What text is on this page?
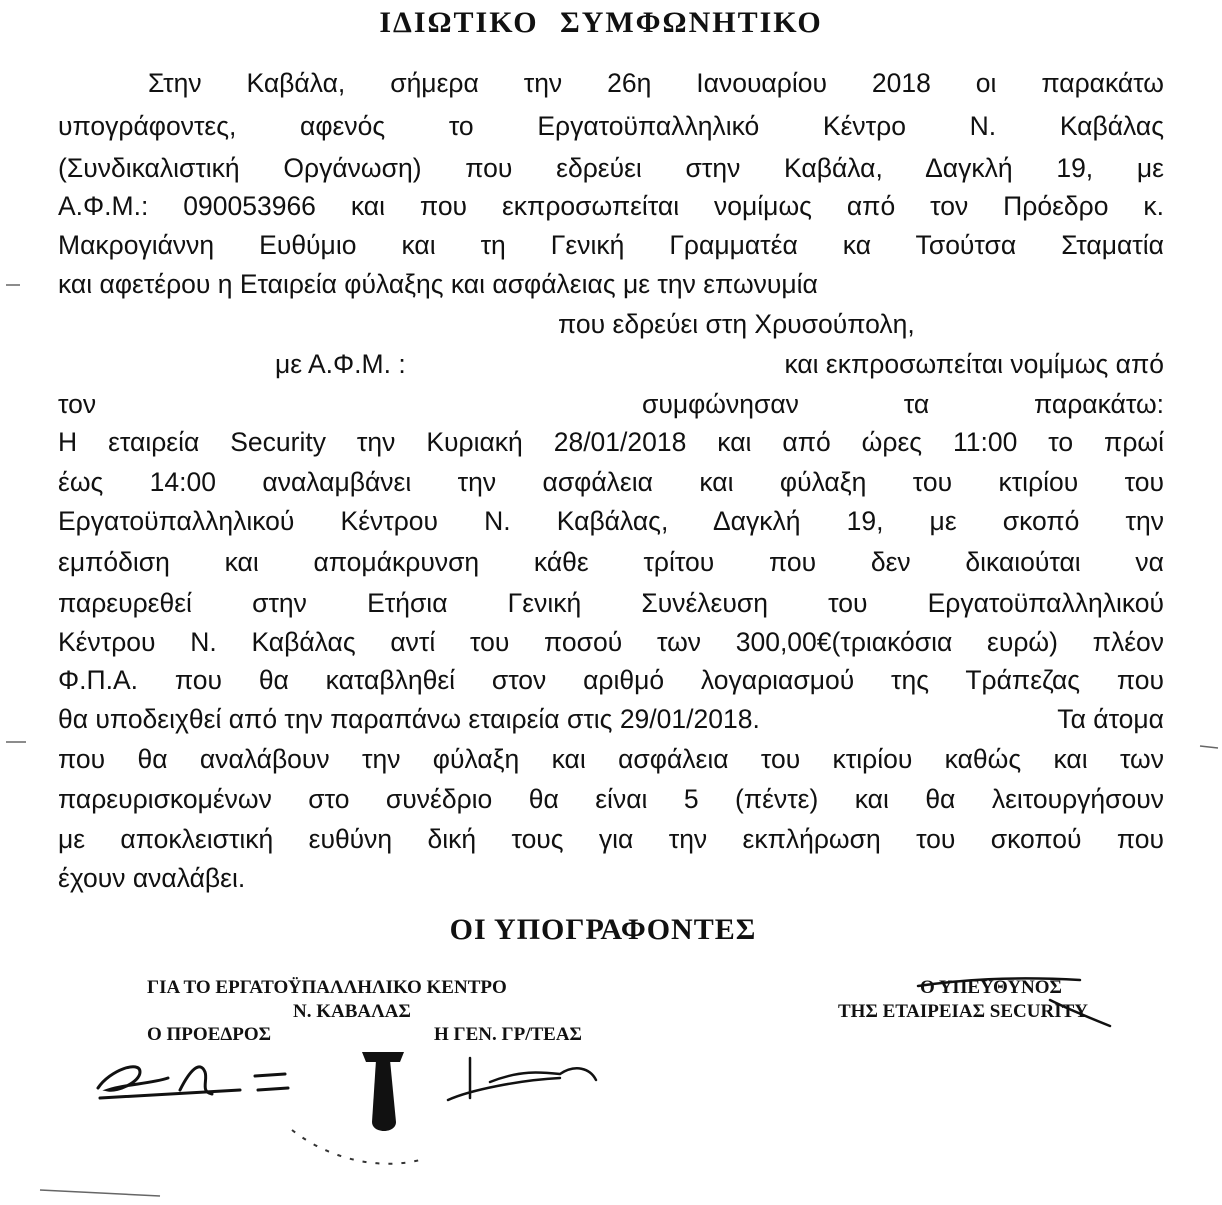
ΙΔΙΩΤΙΚΟ ΣΥΜΦΩΝΗΤΙΚΟ
Στην Καβάλα, σήμερα την 26η Ιανουαρίου 2018 οι παρακάτω
υπογράφοντες, αφενός το Εργατοϋπαλληλικό Κέντρο Ν. Καβάλας
(Συνδικαλιστική Οργάνωση) που εδρεύει στην Καβάλα, Δαγκλή 19, με
Α.Φ.Μ.: 090053966 και που εκπροσωπείται νομίμως από τον Πρόεδρο κ.
Μακρογιάννη Ευθύμιο και τη Γενική Γραμματέα κα Τσούτσα Σταματία
και αφετέρου η Εταιρεία φύλαξης και ασφάλειας με την επωνυμία
που εδρεύει στη Χρυσούπολη,
με Α.Φ.Μ. :	και εκπροσωπείται νομίμως από
τον	συμφώνησαν τα παρακάτω:
Η εταιρεία Security την Κυριακή 28/01/2018 και από ώρες 11:00 το πρωί
έως 14:00 αναλαμβάνει την ασφάλεια και φύλαξη του κτιρίου του
Εργατοϋπαλληλικού Κέντρου Ν. Καβάλας, Δαγκλή 19, με σκοπό την
εμπόδιση και απομάκρυνση κάθε τρίτου που δεν δικαιούται να
παρευρεθεί στην Ετήσια Γενική Συνέλευση του Εργατοϋπαλληλικού
Κέντρου Ν. Καβάλας αντί του ποσού των 300,00€(τριακόσια ευρώ) πλέον
Φ.Π.Α. που θα καταβληθεί στον αριθμό λογαριασμού της Τράπεζας που
θα υποδειχθεί από την παραπάνω εταιρεία στις 29/01/2018.	Τα άτομα
που θα αναλάβουν την φύλαξη και ασφάλεια του κτιρίου καθώς και των
παρευρισκομένων στο συνέδριο θα είναι 5 (πέντε) και θα λειτουργήσουν
με αποκλειστική ευθύνη δική τους για την εκπλήρωση του σκοπού που
έχουν αναλάβει.
ΟΙ ΥΠΟΓΡΑΦΟΝΤΕΣ
ΓΙΑ ΤΟ ΕΡΓΑΤΟΫΠΑΛΛΗΛΙΚΟ ΚΕΝΤΡΟ
Ν. ΚΑΒΑΛΑΣ
Ο ΠΡΟΕΔΡΟΣ	Η ΓΕΝ. ΓΡ/ΤΕΑΣ
Ο ΥΠΕΥΘΥΝΟΣ
ΤΗΣ ΕΤΑΙΡΕΙΑΣ SECURITY
